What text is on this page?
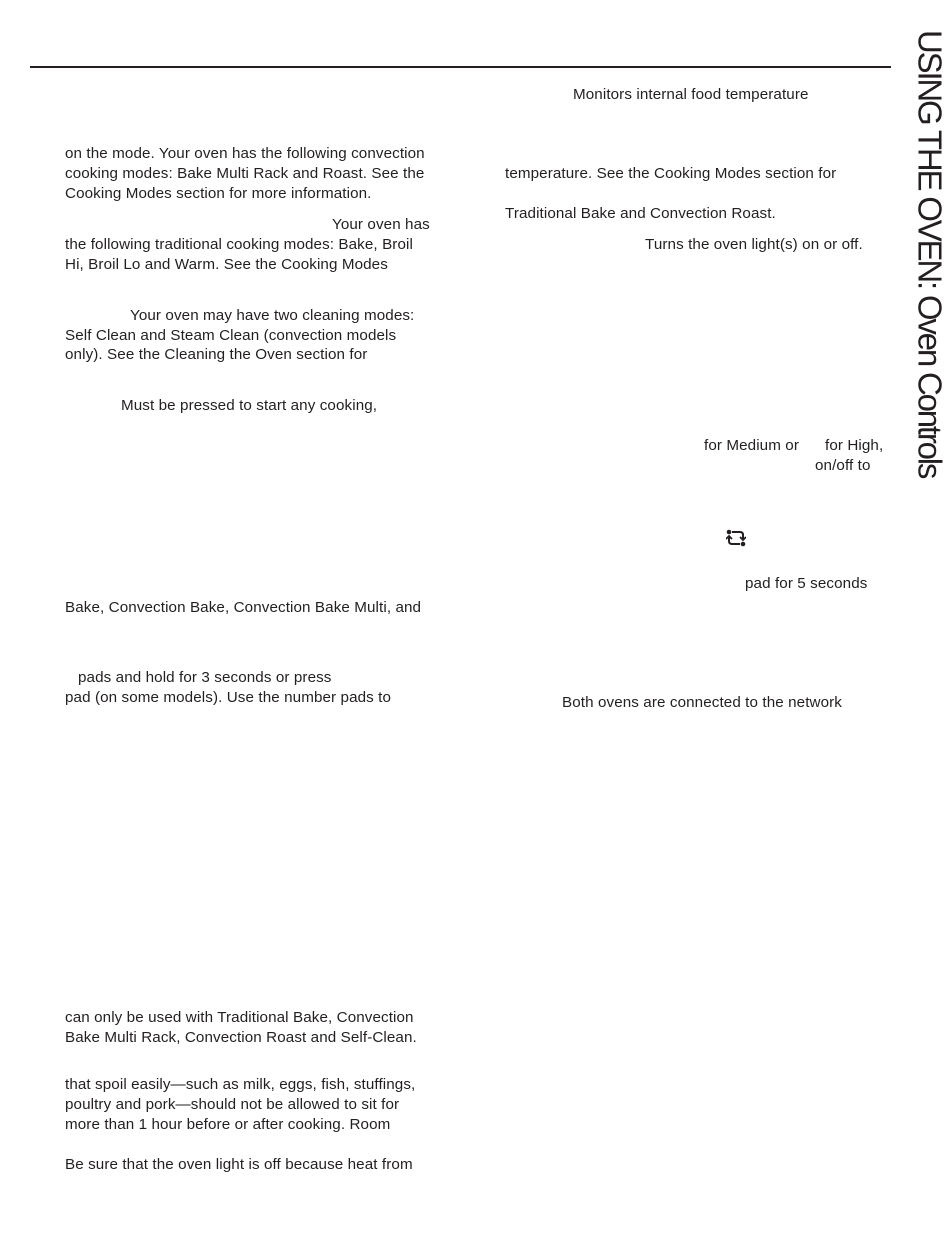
USING THE OVEN: Oven Controls
on the mode. Your oven has the following convection
cooking modes: Bake Multi Rack and Roast. See the
Cooking Modes section for more information.
Your oven has
the following traditional cooking modes: Bake, Broil
Hi, Broil Lo and Warm. See the Cooking Modes
Your oven may have two cleaning modes:
Self Clean and Steam Clean (convection models
only). See the Cleaning the Oven section for
Must be pressed to start any cooking,
Bake, Convection Bake, Convection Bake Multi, and
pads and hold for 3 seconds or press
pad (on some models). Use the number pads to
can only be used with Traditional Bake, Convection
Bake Multi Rack, Convection Roast and Self-Clean.
that spoil easily—such as milk, eggs, fish, stuffings,
poultry and pork—should not be allowed to sit for
more than 1 hour before or after cooking. Room
Be sure that the oven light is off because heat from
Monitors internal food temperature
temperature. See the Cooking Modes section for
Traditional Bake and Convection Roast.
Turns the oven light(s) on or off.
for Medium or for High,
on/off to
pad for 5 seconds
Both ovens are connected to the network
